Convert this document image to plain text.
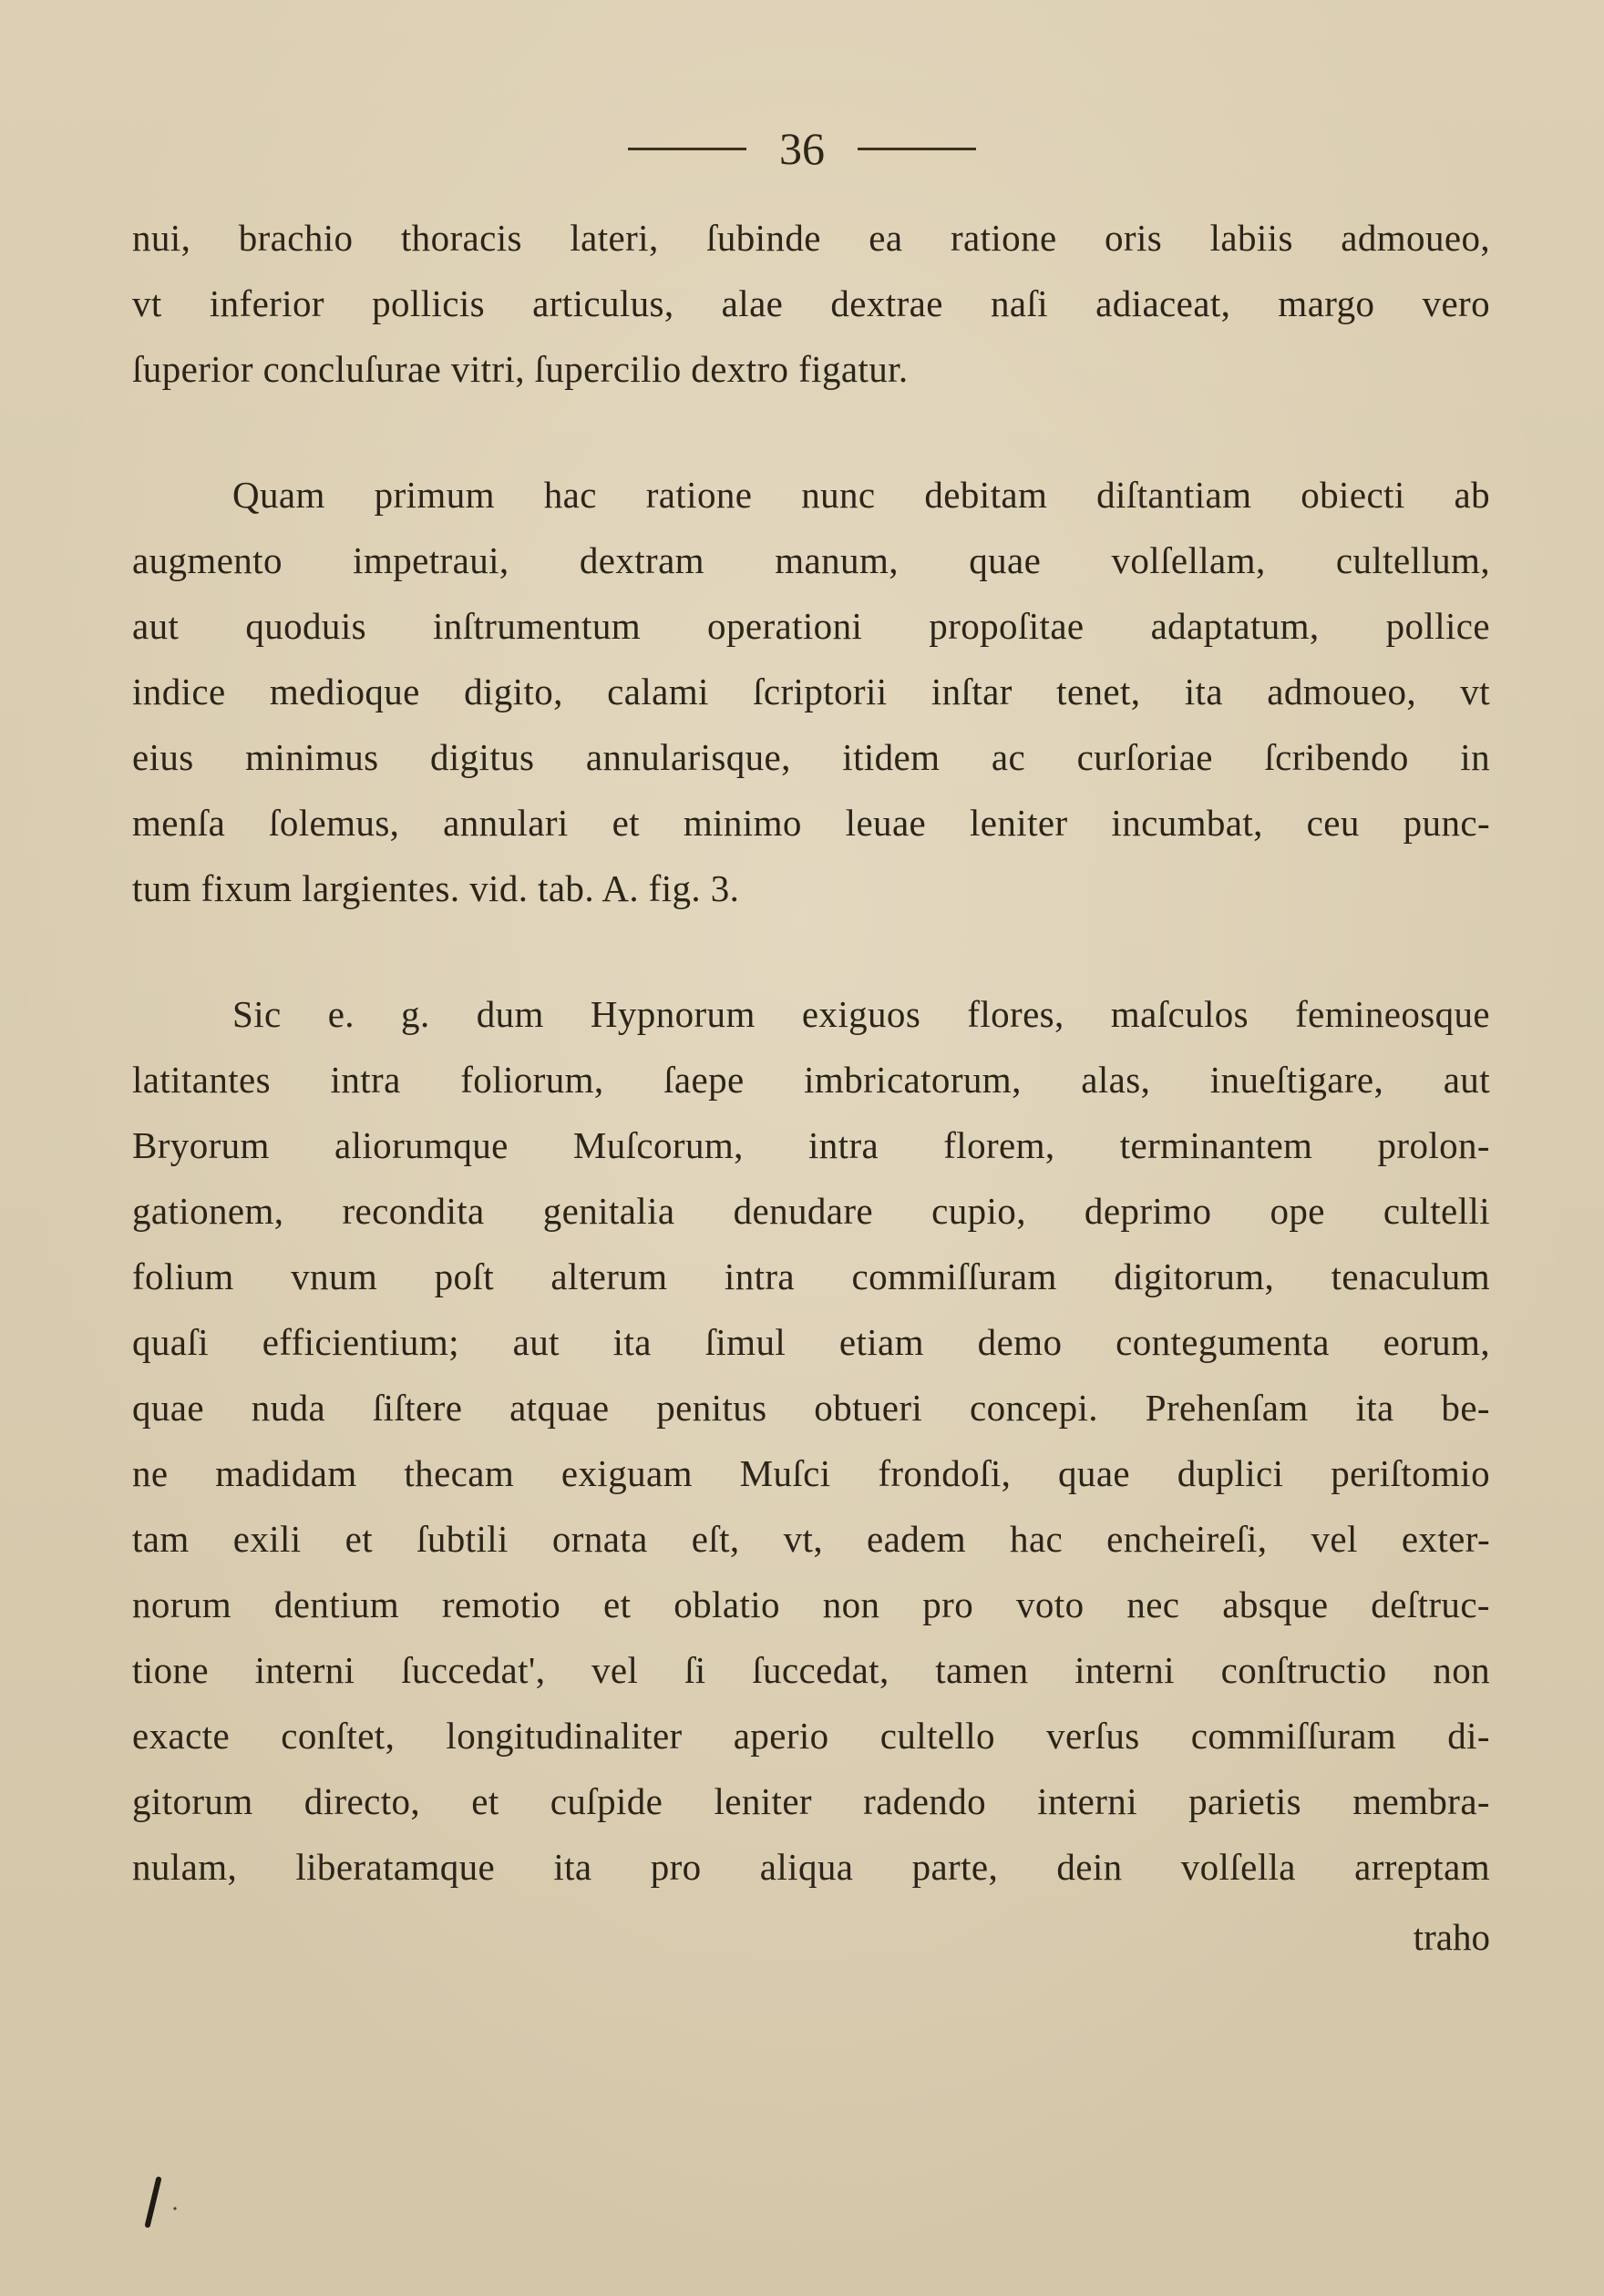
36
nui, brachio thoracis lateri, ſubinde ea ratione oris labiis admoueo,
vt inferior pollicis articulus, alae dextrae naſi adiaceat, margo vero
ſuperior concluſurae vitri, ſupercilio dextro figatur.
Quam primum hac ratione nunc debitam diſtantiam obiecti ab
augmento impetraui, dextram manum, quae volſellam, cultellum,
aut quoduis inſtrumentum operationi propoſitae adaptatum, pollice
indice medioque digito, calami ſcriptorii inſtar tenet, ita admoueo, vt
eius minimus digitus annularisque, itidem ac curſoriae ſcribendo in
menſa ſolemus, annulari et minimo leuae leniter incumbat, ceu punc-
tum fixum largientes. vid. tab. A. fig. 3.
Sic e. g. dum Hypnorum exiguos flores, maſculos femineosque
latitantes intra foliorum, ſaepe imbricatorum, alas, inueſtigare, aut
Bryorum aliorumque Muſcorum, intra florem, terminantem prolon-
gationem, recondita genitalia denudare cupio, deprimo ope cultelli
folium vnum poſt alterum intra commiſſuram digitorum, tenaculum
quaſi efficientium; aut ita ſimul etiam demo contegumenta eorum,
quae nuda ſiſtere atquae penitus obtueri concepi. Prehenſam ita be-
ne madidam thecam exiguam Muſci frondoſi, quae duplici periſtomio
tam exili et ſubtili ornata eſt, vt, eadem hac encheireſi, vel exter-
norum dentium remotio et oblatio non pro voto nec absque deſtruc-
tione interni ſuccedat', vel ſi ſuccedat, tamen interni conſtructio non
exacte conſtet, longitudinaliter aperio cultello verſus commiſſuram di-
gitorum directo, et cuſpide leniter radendo interni parietis membra-
nulam, liberatamque ita pro aliqua parte, dein volſella arreptam
traho
